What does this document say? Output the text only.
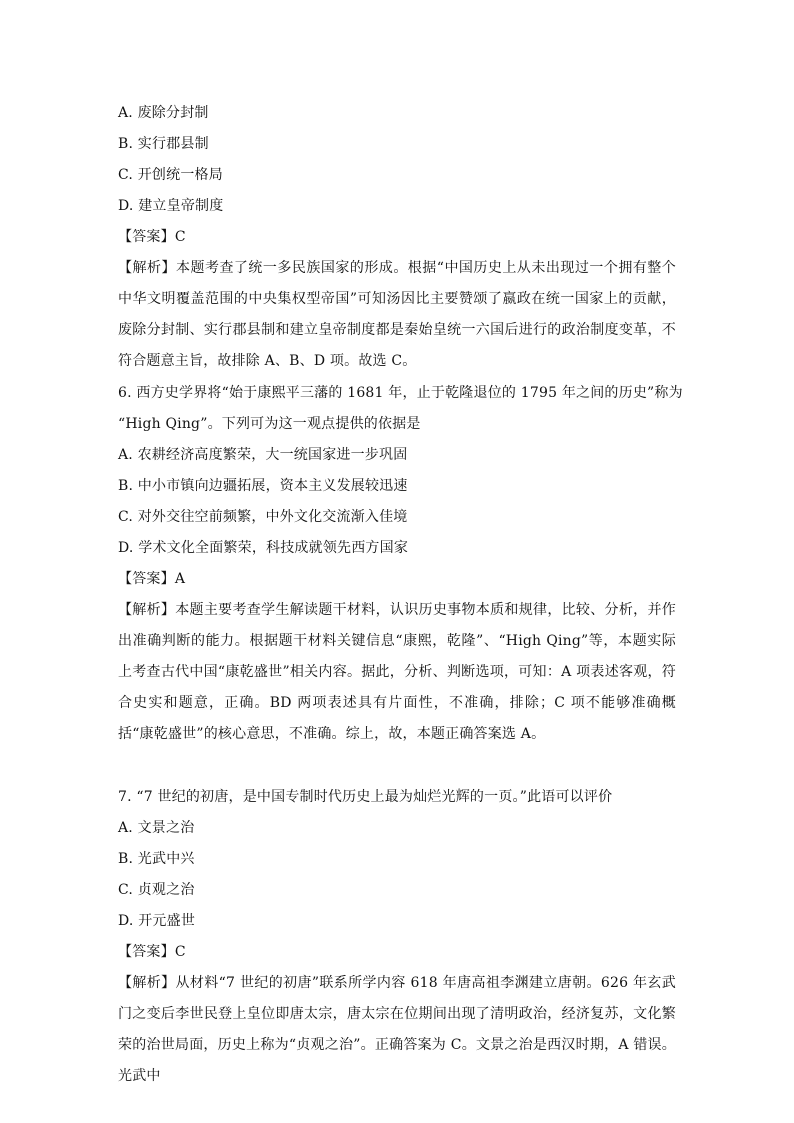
A. 废除分封制
B. 实行郡县制
C. 开创统一格局
D. 建立皇帝制度
【答案】C
【解析】本题考查了统一多民族国家的形成。根据“中国历史上从未出现过一个拥有整个中华文明覆盖范围的中央集权型帝国”可知汤因比主要赞颂了嬴政在统一国家上的贡献，废除分封制、实行郡县制和建立皇帝制度都是秦始皇统一六国后进行的政治制度变革，不符合题意主旨，故排除 A、B、D 项。故选 C。
6. 西方史学界将“始于康熙平三藩的 1681 年，止于乾隆退位的 1795 年之间的历史”称为
“High Qing”。下列可为这一观点提供的依据是
A. 农耕经济高度繁荣，大一统国家进一步巩固
B. 中小市镇向边疆拓展，资本主义发展较迅速
C. 对外交往空前频繁，中外文化交流渐入佳境
D. 学术文化全面繁荣，科技成就领先西方国家
【答案】A
【解析】本题主要考查学生解读题干材料，认识历史事物本质和规律，比较、分析，并作出准确判断的能力。根据题干材料关键信息“康熙，乾隆”、“High Qing”等，本题实际上考查古代中国“康乾盛世”相关内容。据此，分析、判断选项，可知：A 项表述客观，符合史实和题意，正确。BD 两项表述具有片面性，不准确，排除；C 项不能够准确概括“康乾盛世”的核心意思，不准确。综上，故，本题正确答案选 A。
7. “7 世纪的初唐，是中国专制时代历史上最为灿烂光辉的一页。”此语可以评价
A. 文景之治
B. 光武中兴
C. 贞观之治
D. 开元盛世
【答案】C
【解析】从材料“7 世纪的初唐”联系所学内容 618 年唐高祖李渊建立唐朝。626 年玄武门之变后李世民登上皇位即唐太宗，唐太宗在位期间出现了清明政治，经济复苏，文化繁荣的治世局面，历史上称为“贞观之治”。正确答案为 C。文景之治是西汉时期，A 错误。光武中
